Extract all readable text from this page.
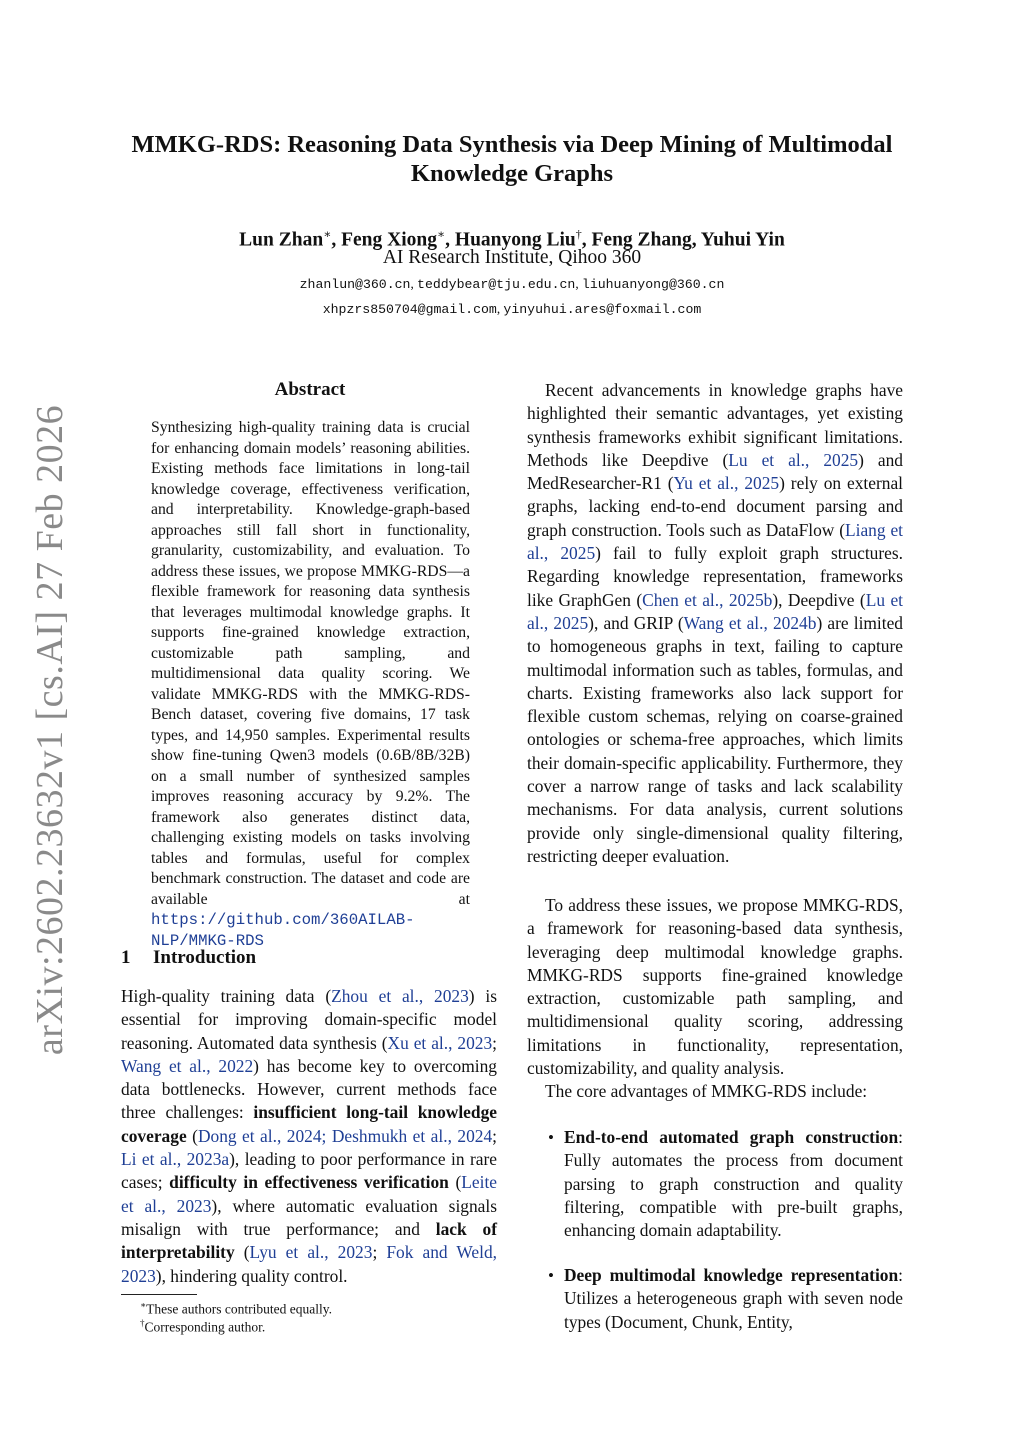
arXiv:2602.23632v1 [cs.AI] 27 Feb 2026
MMKG-RDS: Reasoning Data Synthesis via Deep Mining of Multimodal Knowledge Graphs
Lun Zhan∗, Feng Xiong∗, Huanyong Liu†, Feng Zhang, Yuhui Yin
AI Research Institute, Qihoo 360
zhanlun@360.cn, teddybear@tju.edu.cn, liuhuanyong@360.cn
xhpzrs850704@gmail.com, yinyuhui.ares@foxmail.com
Abstract

Synthesizing high-quality training data is crucial for enhancing domain models’ reasoning abilities. Existing methods face limitations in long-tail knowledge coverage, effectiveness verification, and interpretability. Knowledge-graph-based approaches still fall short in functionality, granularity, customizability, and evaluation. To address these issues, we propose MMKG-RDS—a flexible framework for reasoning data synthesis that leverages multimodal knowledge graphs. It supports fine-grained knowledge extraction, customizable path sampling, and multidimensional data quality scoring. We validate MMKG-RDS with the MMKG-RDS-Bench dataset, covering five domains, 17 task types, and 14,950 samples. Experimental results show fine-tuning Qwen3 models (0.6B/8B/32B) on a small number of synthesized samples improves reasoning accuracy by 9.2%. The framework also generates distinct data, challenging existing models on tasks involving tables and formulas, useful for complex benchmark construction. The dataset and code are available at https://github.com/360AILAB-NLP/MMKG-RDS

1 Introduction

High-quality training data (Zhou et al., 2023) is essential for improving domain-specific model reasoning. Automated data synthesis (Xu et al., 2023; Wang et al., 2022) has become key to overcoming data bottlenecks. However, current methods face three challenges: insufficient long-tail knowledge coverage (Dong et al., 2024; Deshmukh et al., 2024; Li et al., 2023a), leading to poor performance in rare cases; difficulty in effectiveness verification (Leite et al., 2023), where automatic evaluation signals misalign with true performance; and lack of interpretability (Lyu et al., 2023; Fok and Weld, 2023), hindering quality control.

∗These authors contributed equally.
†Corresponding author.

Recent advancements in knowledge graphs have highlighted their semantic advantages, yet existing synthesis frameworks exhibit significant limitations. Methods like Deepdive (Lu et al., 2025) and MedResearcher-R1 (Yu et al., 2025) rely on external graphs, lacking end-to-end document parsing and graph construction. Tools such as DataFlow (Liang et al., 2025) fail to fully exploit graph structures. Regarding knowledge representation, frameworks like GraphGen (Chen et al., 2025b), Deepdive (Lu et al., 2025), and GRIP (Wang et al., 2024b) are limited to homogeneous graphs in text, failing to capture multimodal information such as tables, formulas, and charts. Existing frameworks also lack support for flexible custom schemas, relying on coarse-grained ontologies or schema-free approaches, which limits their domain-specific applicability. Furthermore, they cover a narrow range of tasks and lack scalability mechanisms. For data analysis, current solutions provide only single-dimensional quality filtering, restricting deeper evaluation.

To address these issues, we propose MMKG-RDS, a framework for reasoning-based data synthesis, leveraging deep multimodal knowledge graphs. MMKG-RDS supports fine-grained knowledge extraction, customizable path sampling, and multidimensional quality scoring, addressing limitations in functionality, representation, customizability, and quality analysis.

The core advantages of MMKG-RDS include:

• End-to-end automated graph construction: Fully automates the process from document parsing to graph construction and quality filtering, compatible with pre-built graphs, enhancing domain adaptability.

• Deep multimodal knowledge representation: Utilizes a heterogeneous graph with seven node types (Document, Chunk, Entity,
